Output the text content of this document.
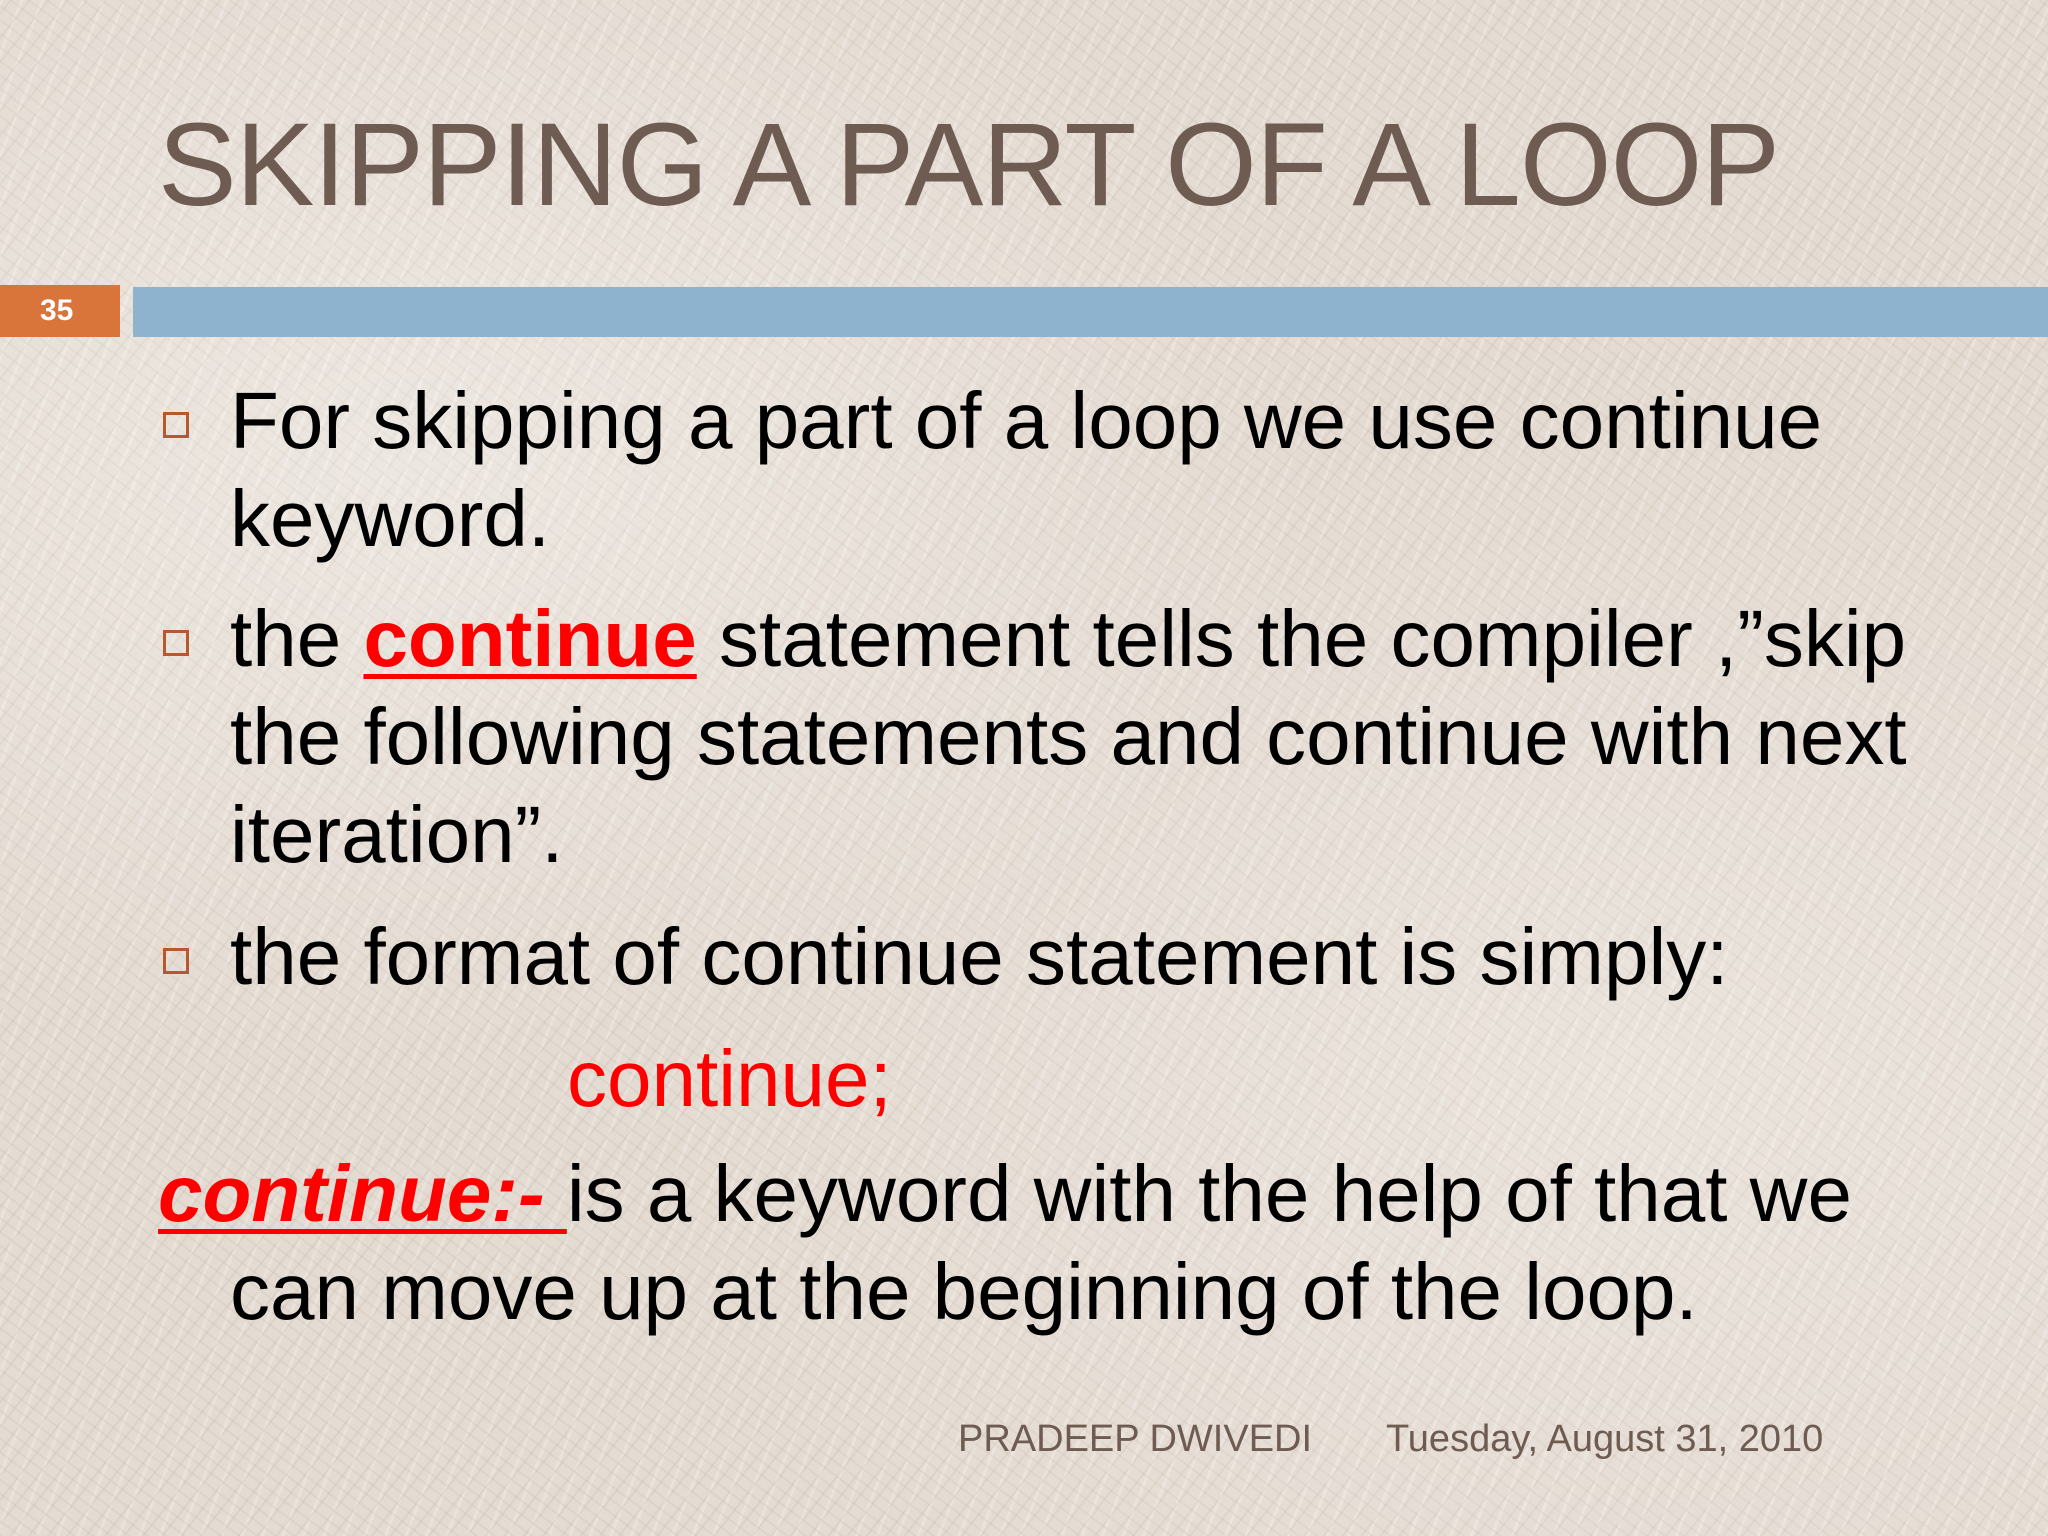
SKIPPING A PART OF A LOOP
35
For skipping a part of a loop we use continue keyword.
the continue statement tells the compiler ,”skip the following statements and continue with next iteration”.
the format of continue statement is simply:
continue;
continue:- is a keyword with the help of that we
can move up at the beginning of the loop.
PRADEEP DWIVEDI Tuesday, August 31, 2010
